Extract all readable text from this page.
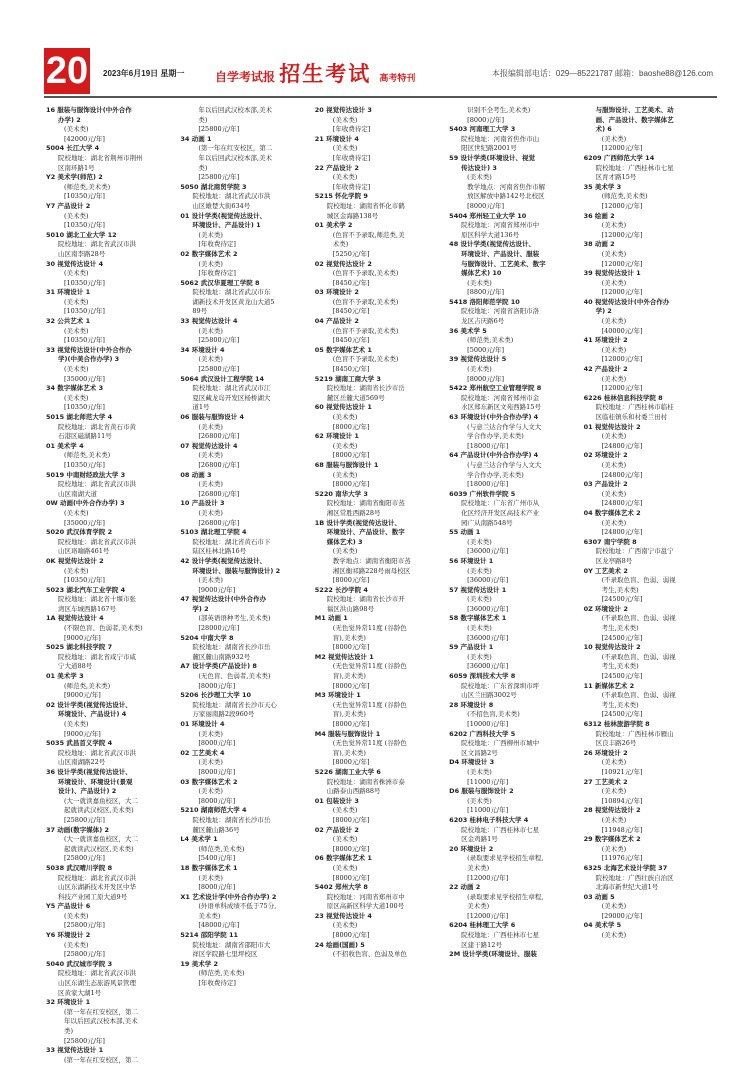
20 2023年6月19日 星期一	自学考试报 招生考试 高考特刊
本报编辑部电话：029—85221787 邮箱：baoshe88@126.com
16 服装与服饰设计(中外合作
办学) 2
(美术类)
[42000元/年]
5004 长江大学 4
院校地址：湖北省荆州市荆州
区南环路1号
Y2 美术学(师范) 2
(师范类,美术类)
[10350元/年]
Y7 产品设计 2
(美术类)
[10350元/年]
5010 湖北工业大学 12
院校地址：湖北省武汉市洪
山区南李路28号
30 视觉传达设计 4
(美术类)
[10350元/年]
31 环境设计 1
(美术类)
[10350元/年]
32 公共艺术 1
(美术类)
[10350元/年]
33 视觉传达设计(中外合作办
学)(中美合作办学) 3
(美术类)
[35000元/年]
34 数字媒体艺术 3
(美术类)
[10350元/年]
5015 湖北师范大学 4
院校地址：湖北省黄石市黄
石港区磁湖路11号
01 美术学 4
(师范类,美术类)
[10350元/年]
5019 中南财经政法大学 3
院校地址：湖北省武汉市洪
山区南湖大道
0W 动画(中外合作办学) 3
(美术类)
[35000元/年]
5020 武汉体育学院 2
院校地址：湖北省武汉市洪
山区珞喻路461号
0K 视觉传达设计 2
(美术类)
[10350元/年]
5023 湖北汽车工业学院 4
院校地址：湖北省十堰市张
湾区车城西路167号
1A 视觉传达设计 4
(不限色盲、色弱者,美术类)
[9000元/年]
5025 湖北科技学院 7
院校地址：湖北省咸宁市咸
宁大道88号
01 美术学 3
(师范类,美术类)
[9000元/年]
02 设计学类(视觉传达设计、
环境设计、产品设计) 4
(美术类)
[9000元/年]
5035 武昌首义学院 4
院校地址：湖北省武汉市洪
山区南湖路22号
36 设计学类(视觉传达设计、
环境设计、环境设计(景观
设计)、产品设计) 2
(大一就读嘉鱼校区，大二
起就读武汉校区,美术类)
[25800元/年]
37 动画(数字媒体) 2
(大一就读嘉鱼校区，大二
起就读武汉校区,美术类)
[25800元/年]
5038 武汉晴川学院 8
院校地址：湖北省武汉市洪
山区东湖新技术开发区中华
科技产业园工原大道9号
Y5 产品设计 6
(美术类)
[25800元/年]
Y6 环境设计 2
(美术类)
[25800元/年]
5040 武汉城市学院 3
院校地址：湖北省武汉市洪
山区东湖生态旅游风景管理
区黄家大湖1号
32 环境设计 1
(第一年在红安校区，第二
年以后回武汉校本部,美术
类)
[25800元/年]
33 视觉传达设计 1
(第一年在红安校区，第二
年以后回武汉校本部,美术
类)
[25800元/年]
34 动画 1
(第一年在红安校区，第二
年以后回武汉校本部,美术
类)
[25800元/年]
5050 湖北商贸学院 3
院校地址：湖北省武汉市洪
山区雄楚大街634号
01 设计学类(视觉传达设计、
环境设计、产品设计) 1
(美术类)
[年收费待定]
02 数字媒体艺术 2
(美术类)
[年收费待定]
5062 武汉华夏理工学院 8
院校地址：湖北省武汉市东
湖新技术开发区黄龙山大道5
89号
33 视觉传达设计 4
(美术类)
[25800元/年]
34 环境设计 4
(美术类)
[25800元/年]
5064 武汉设计工程学院 14
院校地址：湖北省武汉市江
夏区藏龙岛开发区杨桥湖大
道1号
06 服装与服饰设计 4
(美术类)
[26800元/年]
07 视觉传达设计 4
(美术类)
[26800元/年]
08 动画 3
(美术类)
[26800元/年]
10 产品设计 3
(美术类)
[26800元/年]
5103 湖北理工学院 4
院校地址：湖北省黄石市下
陆区桂林北路16号
42 设计学类(视觉传达设计、
环境设计、服装与服饰设计) 2
(美术类)
[9000元/年]
47 视觉传达设计(中外合作办
学) 2
(部英语语种考生,美术类)
[28000元/年]
5204 中南大学 8
院校地址：湖南省长沙市岳
麓区麓山南路932号
A7 设计学类(产品设计) 8
(无色盲、色弱者,美术类)
[8000元/年]
5206 长沙理工大学 10
院校地址：湖南省长沙市天心
万家丽南路2段960号
01 环境设计 4
(美术类)
[8000元/年]
02 工艺美术 4
(美术类)
[8000元/年]
03 数字媒体艺术 2
(美术类)
[8000元/年]
5210 湖南师范大学 4
院校地址：湖南省长沙市岳
麓区麓山路36号
L4 美术学 1
(师范类,美术类)
[5400元/年]
18 数字媒体艺术 1
(美术类)
[8000元/年]
X1 艺术设计学(中外合作办学) 2
(外语单科成绩不低于75分,
美术类)
[48000元/年]
5214 邵阳学院 11
院校地址：湖南省邵阳市大
祥区学院路七里坪校区
19 美术学 2
(师范类,美术类)
[年收费待定]
20 视觉传达设计 3
(美术类)
[年收费待定]
21 环境设计 4
(美术类)
[年收费待定]
22 产品设计 2
(美术类)
[年收费待定]
5215 怀化学院 9
院校地址：湖南省怀化市鹤
城区金海路138号
01 美术学 2
(色盲不予录取,师范类,美
术类)
[5250元/年]
02 视觉传达设计 2
(色盲不予录取,美术类)
[8450元/年]
03 环境设计 2
(色盲不予录取,美术类)
[8450元/年]
04 产品设计 2
(色盲不予录取,美术类)
[8450元/年]
05 数字媒体艺术 1
(色盲不予录取,美术类)
[8450元/年]
5219 湖南工商大学 3
院校地址：湖南省长沙市岳
麓区岳麓大道569号
60 视觉传达设计 1
(美术类)
[8000元/年]
62 环境设计 1
(美术类)
[8000元/年]
68 服装与服饰设计 1
(美术类)
[8000元/年]
5220 南华大学 3
院校地址：湖南省衡阳市蒸
湘区常胜西路28号
1B 设计学类(视觉传达设计、
环境设计、产品设计、数字
媒体艺术) 3
(美术类)
教学地点：湖南省衡阳市蒸
湘区衡祁路228号雨母校区
[8000元/年]
5222 长沙学院 4
院校地址：湖南省长沙市开
福区洪山路98号
M1 动画 1
(无色觉异常11度 (谷龄色
盲),美术类)
[8000元/年]
M2 视觉传达设计 1
(无色觉异常11度 (谷龄色
盲),美术类)
[8000元/年]
M3 环境设计 1
(无色觉异常11度 (谷龄色
盲),美术类)
[8000元/年]
M4 服装与服饰设计 1
(无色觉异常11度 (谷龄色
盲),美术类)
[8000元/年]
5226 湖南工业大学 6
院校地址：湖南省株洲市泰
山路泰山西路88号
01 包装设计 3
(美术类)
[8000元/年]
02 产品设计 2
(美术类)
[8000元/年]
06 数字媒体艺术 1
(美术类)
[8000元/年]
5402 郑州大学 8
院校地址：河南省郑州市中
原区高新区科学大道100号
23 视觉传达设计 4
(美术类)
[8000元/年]
24 绘画(国画) 5
(不招收色盲、色弱及单色
识别不全考生,美术类)
[8000元/年]
5403 河南理工大学 3
院校地址：河南省焦作市山
阳区世纪路2001号
59 设计学类(环境设计、视觉
传达设计) 3
(美术类)
教学地点：河南省焦作市解
放区解放中路142号北校区
[8000元/年]
5404 郑州轻工业大学 10
院校地址：河南省郑州市中
原区科学大道136号
48 设计学类(视觉传达设计、
环境设计、产品设计、服装
与服饰设计、工艺美术、数字
媒体艺术) 10
(美术类)
[8800元/年]
5418 洛阳师范学院 10
院校地址：河南省洛阳市洛
龙区吉庆路6号
36 美术学 5
(师范类,美术类)
[5000元/年]
39 视觉传达设计 5
(美术类)
[8000元/年]
5422 郑州航空工业管理学院 8
院校地址：河南省郑州市金
水区郑东新区文苑西路15号
63 环境设计(中外合作办学) 4
(与意兰达合作学与人文大
学合作办学,美术类)
[18000元/年]
64 产品设计(中外合作办学) 4
(与意兰达合作学与人文大
学合作办学,美术类)
[18000元/年]
6039 广州软件学院 5
院校地址：广东省广州市从
化区经济开发区高技术产业
园广从南路548号
55 动画 1
(美术类)
[36000元/年]
56 环境设计 1
(美术类)
[36000元/年]
57 视觉传达设计 1
(美术类)
[36000元/年]
58 数字媒体艺术 1
(美术类)
[36000元/年]
59 产品设计 1
(美术类)
[36000元/年]
6059 深圳技术大学 8
院校地址：广东省深圳市坪
山区兰田路3002号
28 环境设计 8
(不招色盲,美术类)
[10000元/年]
6202 广西科技大学 5
院校地址：广西柳州市城中
区文昌路2号
D4 环境设计 3
(美术类)
[11000元/年]
D6 服装与服饰设计 2
(美术类)
[11000元/年]
6203 桂林电子科技大学 4
院校地址：广西桂林市七星
区金鸡路1号
20 环境设计 2
(录取要求见学校招生章程,
美术类)
[12000元/年]
22 动画 2
(录取要求见学校招生章程,
美术类)
[12000元/年]
6204 桂林理工大学 6
院校地址：广西桂林市七星
区建干路12号
2M 设计学类(环境设计、服装
与服饰设计、工艺美术、动
画、产品设计、数字媒体艺
术) 6
(美术类)
[12000元/年]
6209 广西师范大学 14
院校地址：广西桂林市七星
区育才路15号
35 美术学 3
(师范类,美术类)
[12000元/年]
36 绘画 2
(美术类)
[12000元/年]
38 动画 2
(美术类)
[12000元/年]
39 视觉传达设计 1
(美术类)
[12000元/年]
40 视觉传达设计(中外合作办
学) 2
(美术类)
[40000元/年]
41 环境设计 2
(美术类)
[12000元/年]
42 产品设计 2
(美术类)
[12000元/年]
6226 桂林信息科技学院 8
院校地址：广西桂林市临桂
区临桂镇乐和村委兰田村
01 视觉传达设计 2
(美术类)
[24800元/年]
02 环境设计 2
(美术类)
[24800元/年]
03 产品设计 2
(美术类)
[24800元/年]
04 数字媒体艺术 2
(美术类)
[24800元/年]
6307 南宁学院 8
院校地址：广西南宁市邕宁
区龙亭路8号
0Y 工艺美术 2
(不录取色盲、色弱、弱视
考生,美术类)
[24500元/年]
0Z 环境设计 2
(不录取色盲、色弱、弱视
考生,美术类)
[24500元/年]
10 视觉传达设计 2
(不录取色盲、色弱、弱视
考生,美术类)
[24500元/年]
11 新媒体艺术 2
(不录取色盲、色弱、弱视
考生,美术类)
[24500元/年]
6312 桂林旅游学院 8
院校地址：广西桂林市雁山
区良丰路26号
26 环境设计 2
(美术类)
[10921元/年]
27 工艺美术 2
(美术类)
[10894元/年]
28 视觉传达设计 2
(美术类)
[11948元/年]
29 数字媒体艺术 2
(美术类)
[11976元/年]
6325 北海艺术设计学院 37
院校地址：广西壮族自治区
北海市新世纪大道1号
03 动画 5
(美术类)
[29000元/年]
04 美术学 5
(美术类)
